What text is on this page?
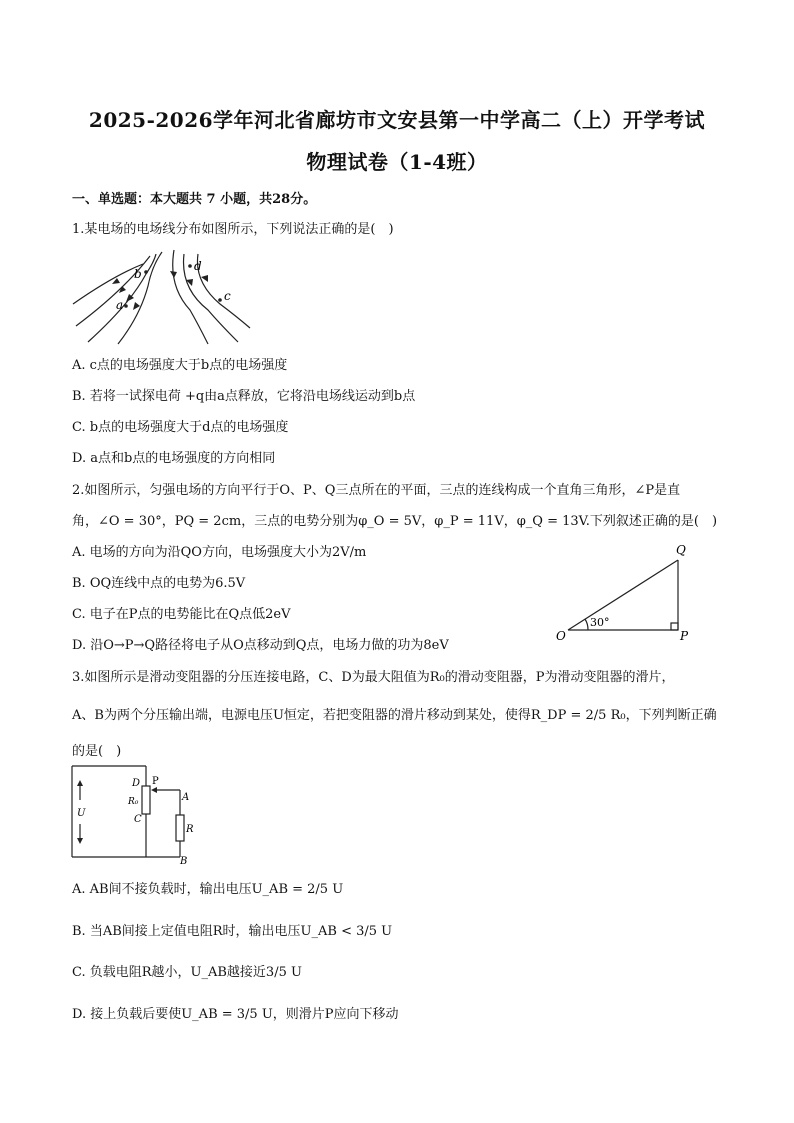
2025-2026学年河北省廊坊市文安县第一中学高二（上）开学考试
物理试卷（1-4班）
一、单选题：本大题共 7 小题，共28分。
1.某电场的电场线分布如图所示，下列说法正确的是(　)
b
d
c
a
A. c点的电场强度大于b点的电场强度
B. 若将一试探电荷 +q由a点释放，它将沿电场线运动到b点
C. b点的电场强度大于d点的电场强度
D. a点和b点的电场强度的方向相同
2.如图所示，匀强电场的方向平行于O、P、Q三点所在的平面，三点的连线构成一个直角三角形，∠P是直
角，∠O = 30°，PQ = 2cm，三点的电势分别为φ_O = 5V，φ_P = 11V，φ_Q = 13V.下列叙述正确的是(　)
A. 电场的方向为沿QO方向，电场强度大小为2V/m
B. OQ连线中点的电势为6.5V
C. 电子在P点的电势能比在Q点低2eV
D. 沿O→P→Q路径将电子从O点移动到Q点，电场力做的功为8eV
Q
O	P
30°
3.如图所示是滑动变阻器的分压连接电路，C、D为最大阻值为R₀的滑动变阻器，P为滑动变阻器的滑片，
A、B为两个分压输出端，电源电压U恒定，若把变阻器的滑片移动到某处，使得R_DP = 2/5 R₀，下列判断正确
的是(　)
D P
R₀
C
U
A
R
B
A. AB间不接负载时，输出电压U_AB = 2/5 U
B. 当AB间接上定值电阻R时，输出电压U_AB < 3/5 U
C. 负载电阻R越小，U_AB越接近3/5 U
D. 接上负载后要使U_AB = 3/5 U，则滑片P应向下移动
